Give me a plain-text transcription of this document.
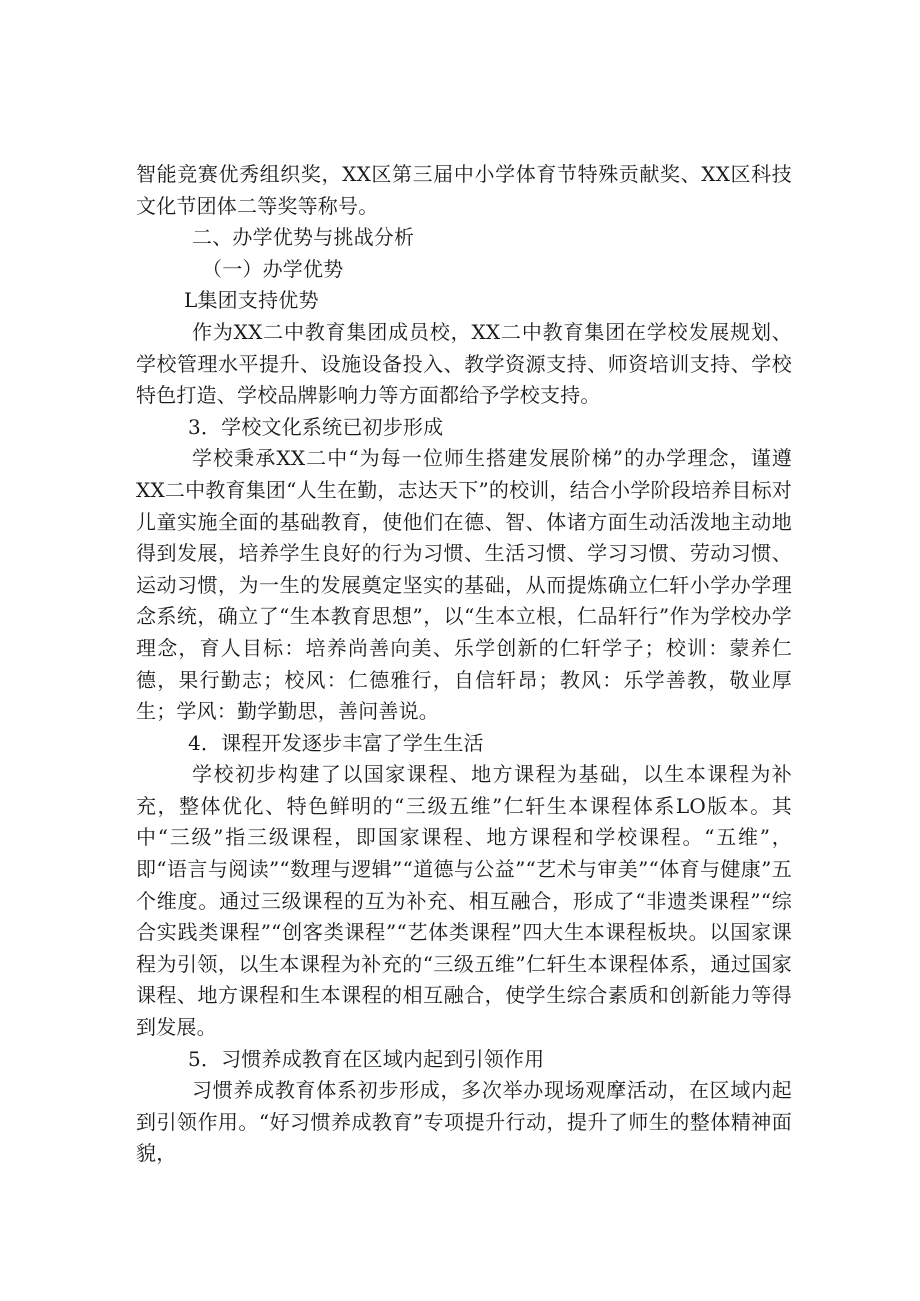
智能竞赛优秀组织奖，XX区第三届中小学体育节特殊贡献奖、XX区科技文化节团体二等奖等称号。

二、办学优势与挑战分析

（一）办学优势

L集团支持优势

作为XX二中教育集团成员校，XX二中教育集团在学校发展规划、学校管理水平提升、设施设备投入、教学资源支持、师资培训支持、学校特色打造、学校品牌影响力等方面都给予学校支持。

3．学校文化系统已初步形成

学校秉承XX二中“为每一位师生搭建发展阶梯”的办学理念，谨遵XX二中教育集团“人生在勤，志达天下”的校训，结合小学阶段培养目标对儿童实施全面的基础教育，使他们在德、智、体诸方面生动活泼地主动地得到发展，培养学生良好的行为习惯、生活习惯、学习习惯、劳动习惯、运动习惯，为一生的发展奠定坚实的基础，从而提炼确立仁轩小学办学理念系统，确立了“生本教育思想”，以“生本立根，仁品轩行”作为学校办学理念，育人目标：培养尚善向美、乐学创新的仁轩学子；校训：蒙养仁德，果行勤志；校风：仁德雅行，自信轩昂；教风：乐学善教，敬业厚生；学风：勤学勤思，善问善说。

4．课程开发逐步丰富了学生生活

学校初步构建了以国家课程、地方课程为基础，以生本课程为补充，整体优化、特色鲜明的“三级五维”仁轩生本课程体系LO版本。其中“三级”指三级课程，即国家课程、地方课程和学校课程。“五维”，即“语言与阅读”“数理与逻辑”“道德与公益”“艺术与审美”“体育与健康”五个维度。通过三级课程的互为补充、相互融合，形成了“非遗类课程”“综合实践类课程”“创客类课程”“艺体类课程”四大生本课程板块。以国家课程为引领，以生本课程为补充的“三级五维”仁轩生本课程体系，通过国家课程、地方课程和生本课程的相互融合，使学生综合素质和创新能力等得到发展。

5．习惯养成教育在区域内起到引领作用

习惯养成教育体系初步形成，多次举办现场观摩活动，在区域内起到引领作用。“好习惯养成教育”专项提升行动，提升了师生的整体精神面貌，
